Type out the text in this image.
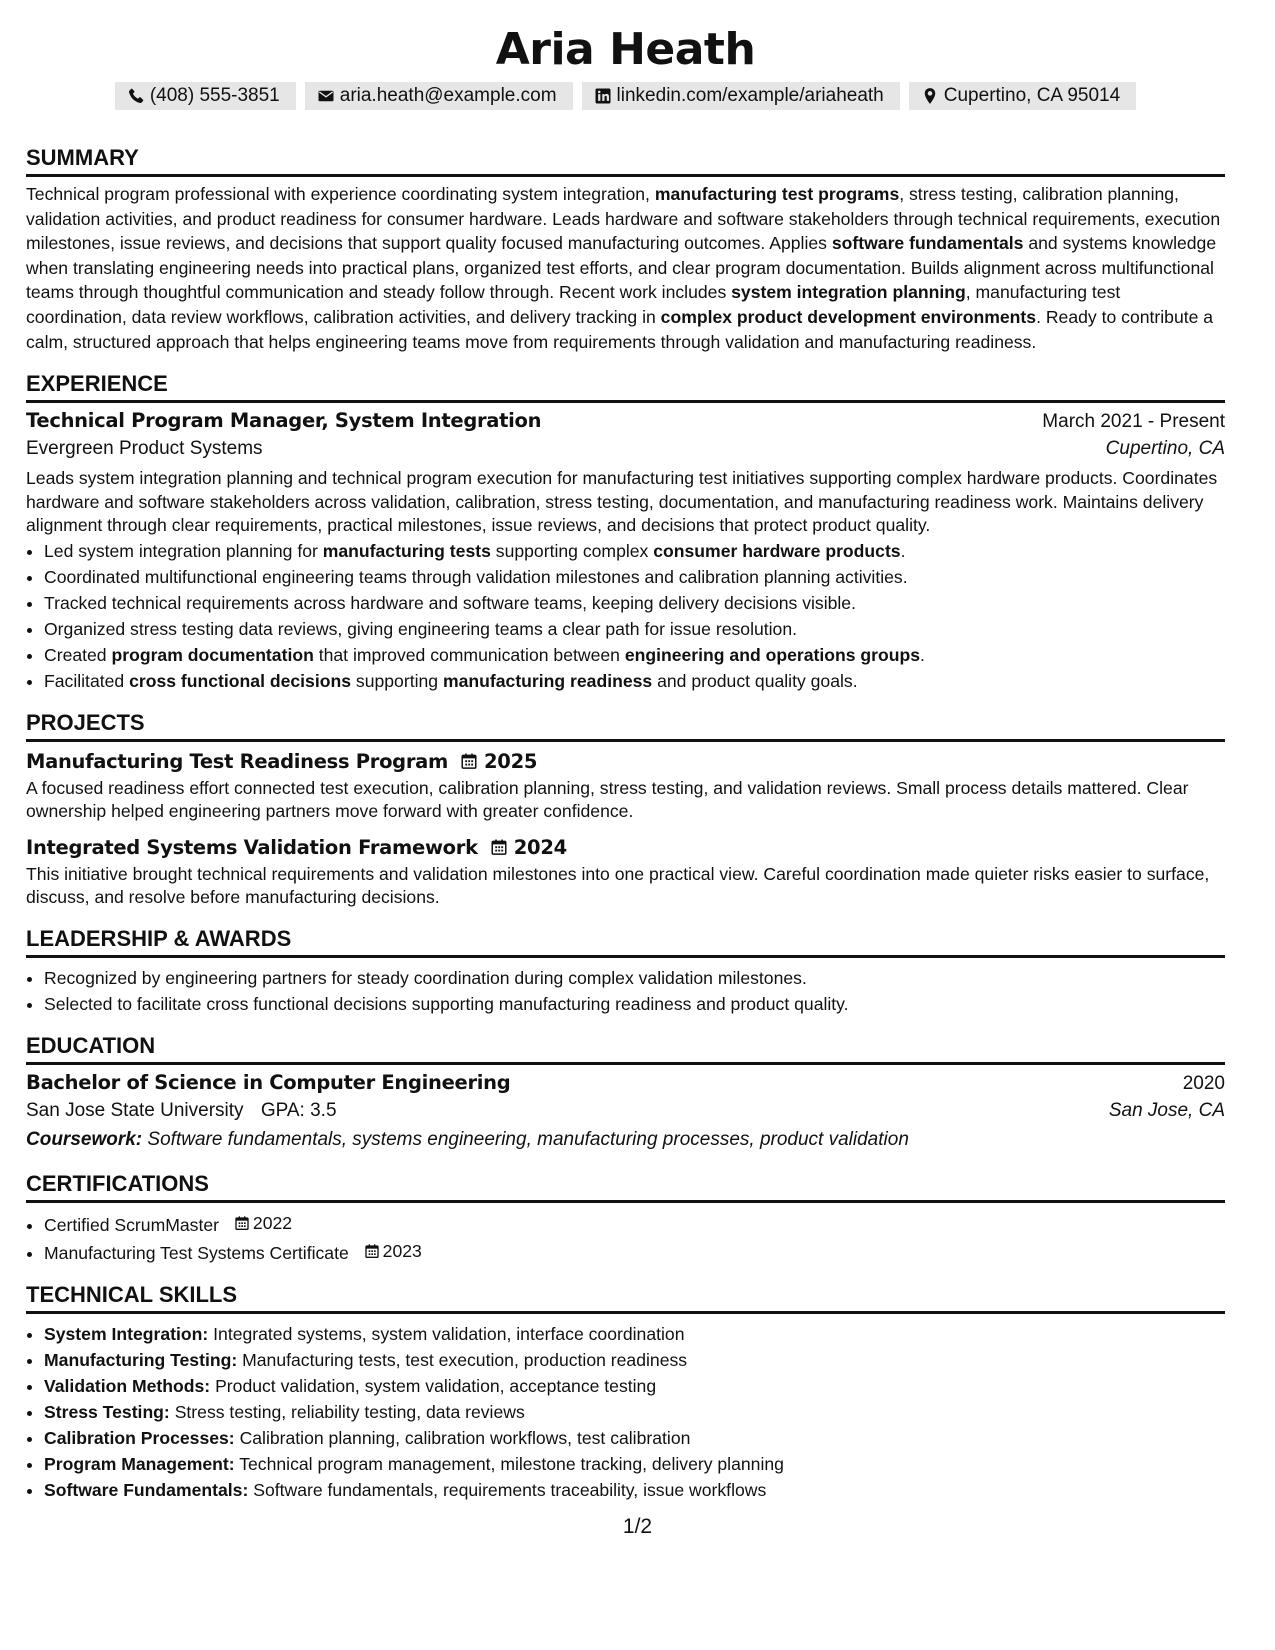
Aria Heath
(408) 555-3851	aria.heath@example.com	linkedin.com/example/ariaheath	Cupertino, CA 95014
SUMMARY

Technical program professional with experience coordinating system integration, manufacturing test programs, stress testing, calibration planning, validation activities, and product readiness for consumer hardware. Leads hardware and software stakeholders through technical requirements, execution milestones, issue reviews, and decisions that support quality focused manufacturing outcomes. Applies software fundamentals and systems knowledge when translating engineering needs into practical plans, organized test efforts, and clear program documentation. Builds alignment across multifunctional teams through thoughtful communication and steady follow through. Recent work includes system integration planning, manufacturing test coordination, data review workflows, calibration activities, and delivery tracking in complex product development environments. Ready to contribute a calm, structured approach that helps engineering teams move from requirements through validation and manufacturing readiness.

EXPERIENCE
Technical Program Manager, System Integration	March 2021 - Present
Evergreen Product Systems	Cupertino, CA

Leads system integration planning and technical program execution for manufacturing test initiatives supporting complex hardware products. Coordinates hardware and software stakeholders across validation, calibration, stress testing, documentation, and manufacturing readiness work. Maintains delivery alignment through clear requirements, practical milestones, issue reviews, and decisions that protect product quality.

• Led system integration planning for manufacturing tests supporting complex consumer hardware products.
• Coordinated multifunctional engineering teams through validation milestones and calibration planning activities.
• Tracked technical requirements across hardware and software teams, keeping delivery decisions visible.
• Organized stress testing data reviews, giving engineering teams a clear path for issue resolution.
• Created program documentation that improved communication between engineering and operations groups.
• Facilitated cross functional decisions supporting manufacturing readiness and product quality goals.
PROJECTS
Manufacturing Test Readiness Program 2025

A focused readiness effort connected test execution, calibration planning, stress testing, and validation reviews. Small process details mattered. Clear ownership helped engineering partners move forward with greater confidence.

Integrated Systems Validation Framework 2024

This initiative brought technical requirements and validation milestones into one practical view. Careful coordination made quieter risks easier to surface, discuss, and resolve before manufacturing decisions.

LEADERSHIP & AWARDS
• Recognized by engineering partners for steady coordination during complex validation milestones.
• Selected to facilitate cross functional decisions supporting manufacturing readiness and product quality.
EDUCATION
Bachelor of Science in Computer Engineering	2020
San Jose State University GPA: 3.5	San Jose, CA
Coursework: Software fundamentals, systems engineering, manufacturing processes, product validation
CERTIFICATIONS
• Certified ScrumMaster 2022
• Manufacturing Test Systems Certificate 2023
TECHNICAL SKILLS
• System Integration: Integrated systems, system validation, interface coordination
• Manufacturing Testing: Manufacturing tests, test execution, production readiness
• Validation Methods: Product validation, system validation, acceptance testing
• Stress Testing: Stress testing, reliability testing, data reviews
• Calibration Processes: Calibration planning, calibration workflows, test calibration
• Program Management: Technical program management, milestone tracking, delivery planning
• Software Fundamentals: Software fundamentals, requirements traceability, issue workflows
1/2
